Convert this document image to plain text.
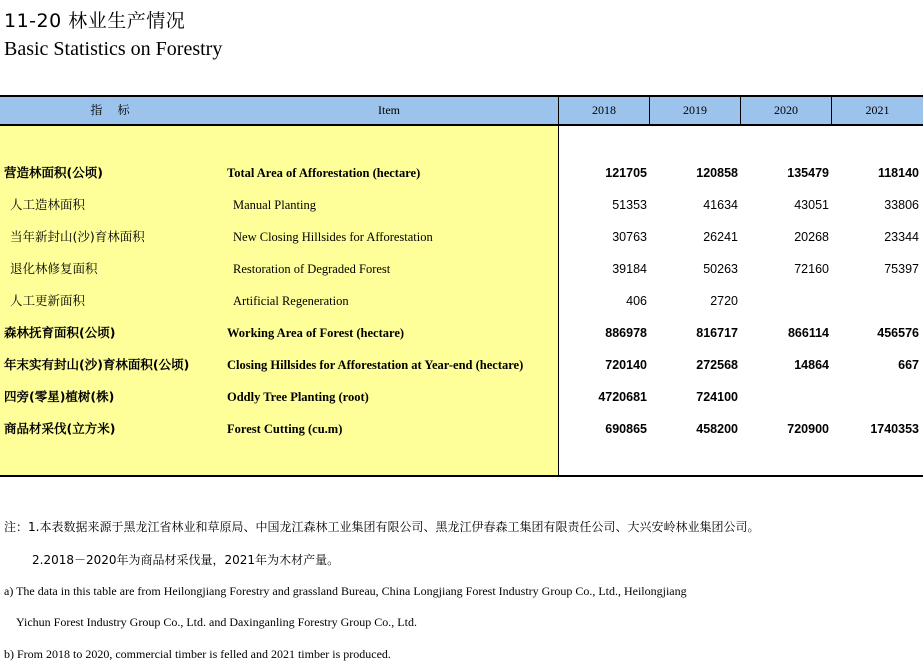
11-20 林业生产情况
Basic Statistics on Forestry
指    标	Item	2018	2019	2020	2021
营造林面积(公顷)	Total Area of Afforestation (hectare)	121705	120858	135479	118140
人工造林面积	Manual Planting	51353	41634	43051	33806
当年新封山(沙)育林面积	New Closing Hillsides for Afforestation	30763	26241	20268	23344
退化林修复面积	Restoration of Degraded Forest	39184	50263	72160	75397
人工更新面积	Artificial Regeneration	406	2720
森林抚育面积(公顷)	Working Area of Forest (hectare)	886978	816717	866114	456576
年末实有封山(沙)育林面积(公顷)	Closing Hillsides for Afforestation at Year-end (hectare)	720140	272568	14864	667
四旁(零星)植树(株)	Oddly Tree Planting (root)	4720681	724100
商品材采伐(立方米)	Forest Cutting (cu.m)	690865	458200	720900	1740353
注：1.本表数据来源于黑龙江省林业和草原局、中国龙江森林工业集团有限公司、黑龙江伊春森工集团有限责任公司、大兴安岭林业集团公司。
2.2018－2020年为商品材采伐量，2021年为木材产量。
a) The data in this table are from Heilongjiang Forestry and grassland Bureau, China Longjiang Forest Industry Group Co., Ltd., Heilongjiang
Yichun Forest Industry Group Co., Ltd. and Daxinganling Forestry Group Co., Ltd.
b) From 2018 to 2020, commercial timber is felled and 2021 timber is produced.
